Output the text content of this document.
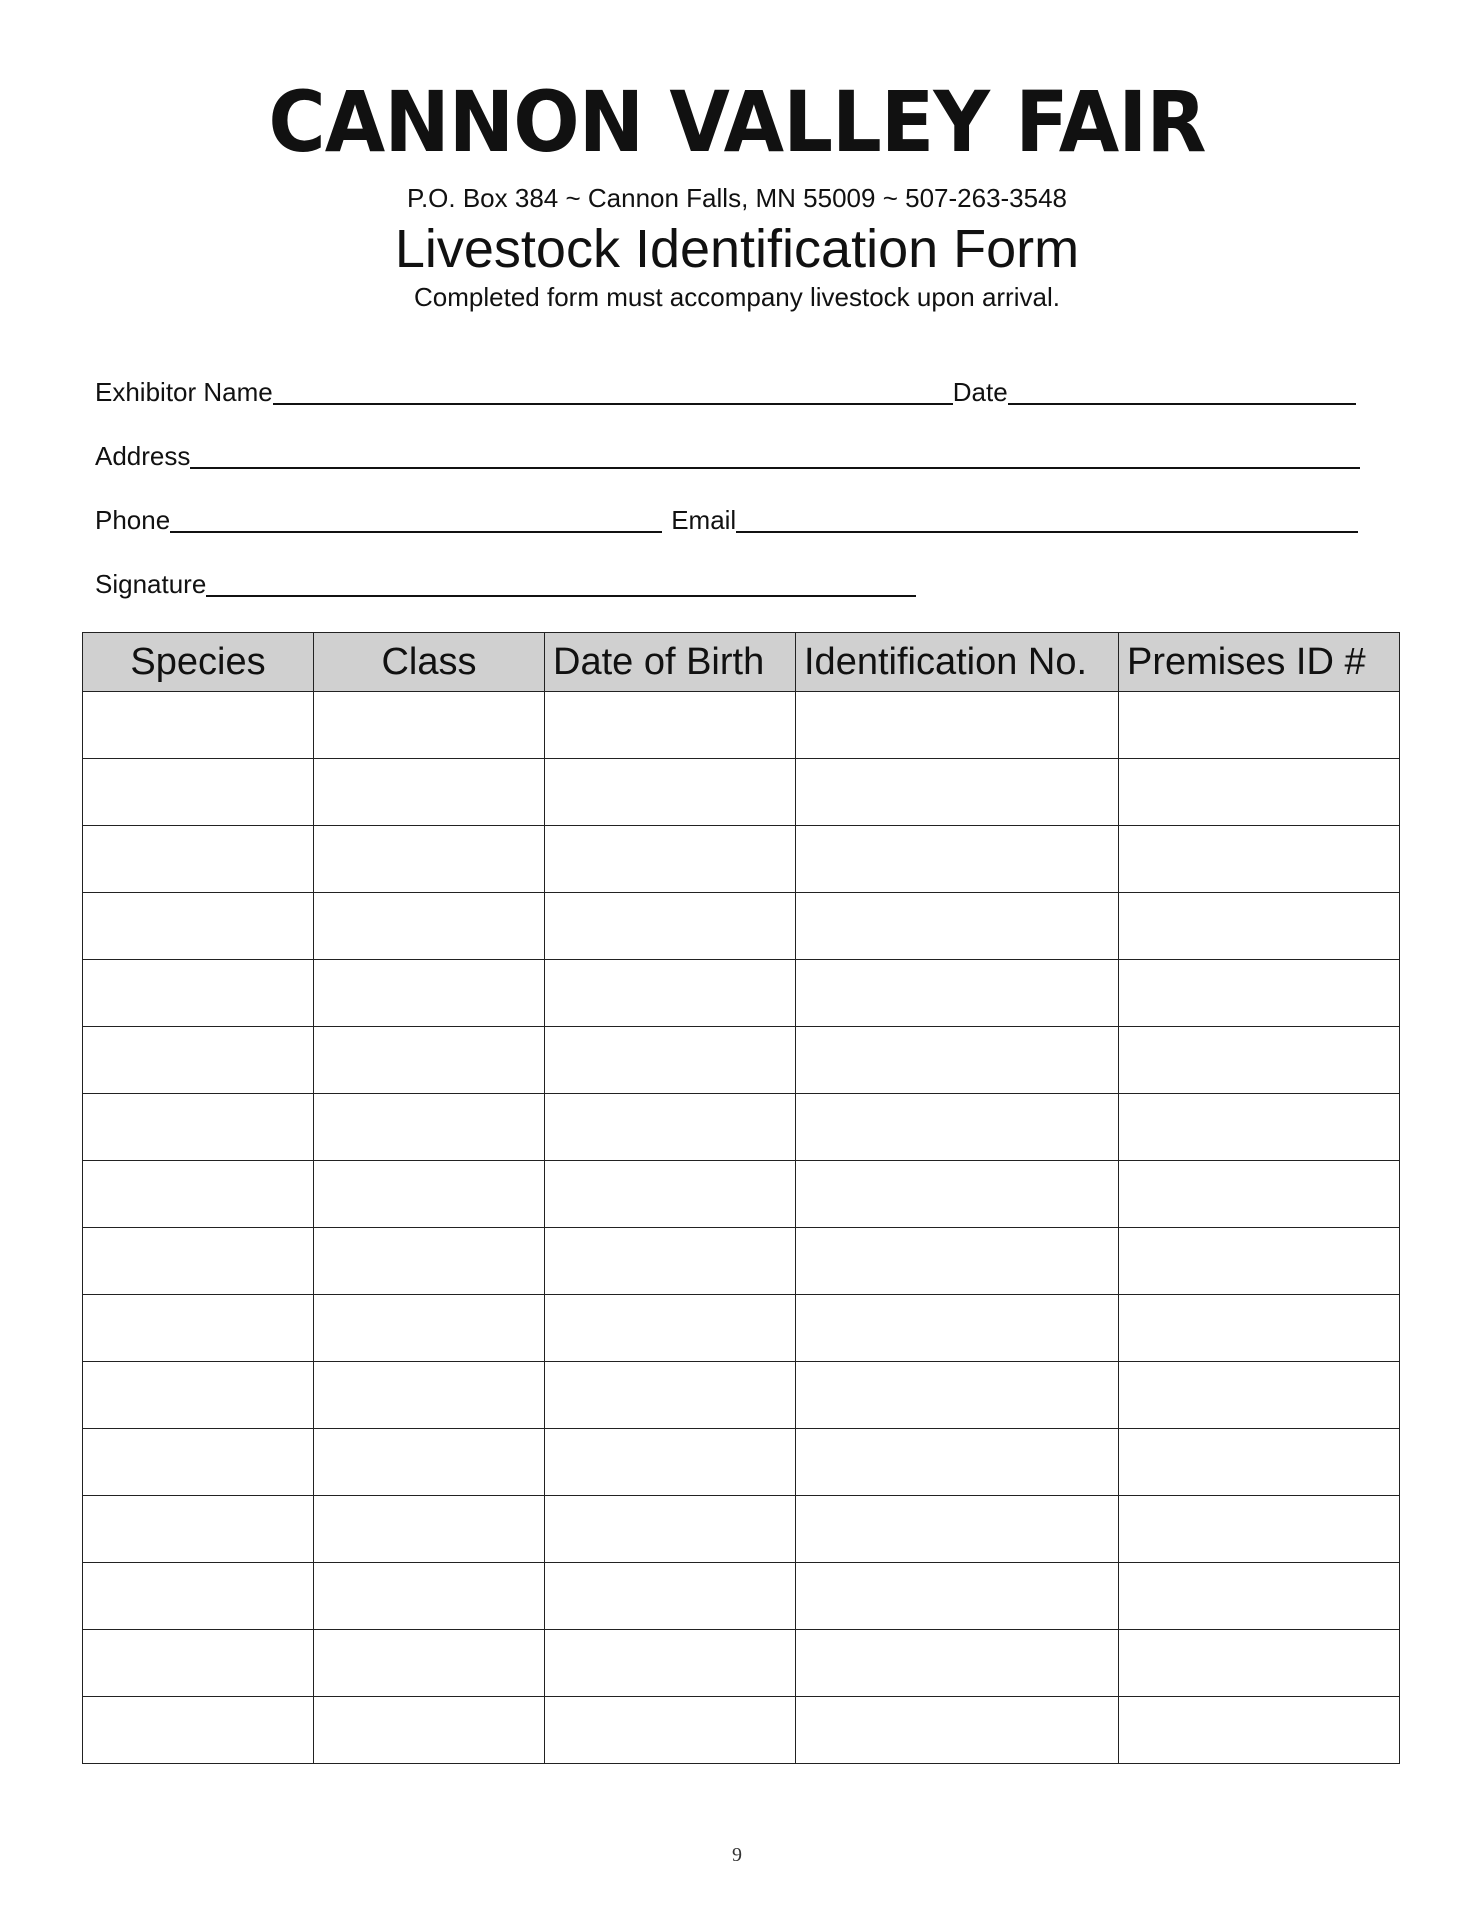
CANNON VALLEY FAIR
P.O. Box 384 ~ Cannon Falls, MN 55009 ~ 507-263-3548
Livestock Identification Form
Completed form must accompany livestock upon arrival.
Exhibitor Name	Date
Address
Phone	Email
Signature
Species	Class	Date of Birth	Identification No.	Premises ID #

9
